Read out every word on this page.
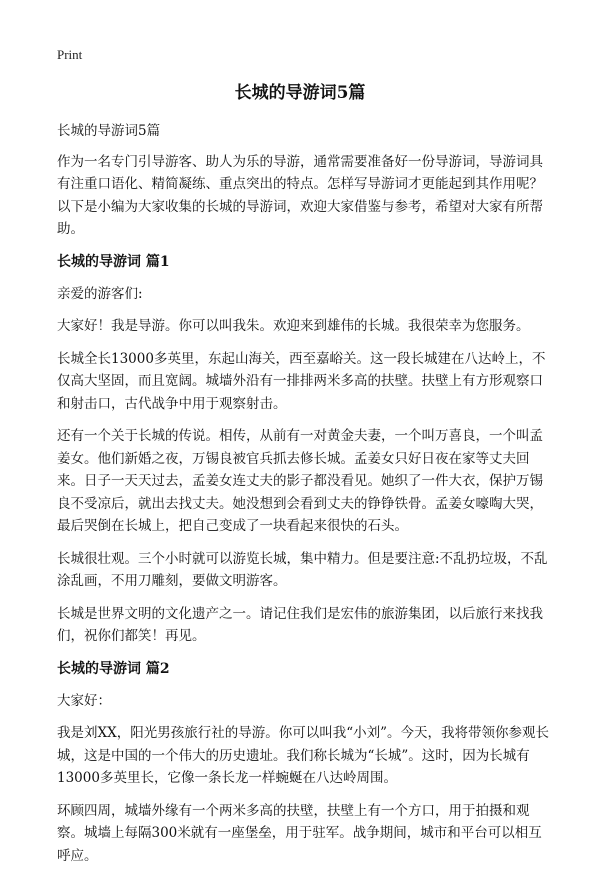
Print
长城的导游词5篇

长城的导游词5篇

作为一名专门引导游客、助人为乐的导游，通常需要准备好一份导游词，导游词具有注重口语化、精简凝练、重点突出的特点。怎样写导游词才更能起到其作用呢？以下是小编为大家收集的长城的导游词，欢迎大家借鉴与参考，希望对大家有所帮助。

长城的导游词 篇1

亲爱的游客们:

大家好！我是导游。你可以叫我朱。欢迎来到雄伟的长城。我很荣幸为您服务。

长城全长13000多英里，东起山海关，西至嘉峪关。这一段长城建在八达岭上，不仅高大坚固，而且宽阔。城墙外沿有一排排两米多高的扶壁。扶壁上有方形观察口和射击口，古代战争中用于观察射击。

还有一个关于长城的传说。相传，从前有一对黄金夫妻，一个叫万喜良，一个叫孟姜女。他们新婚之夜，万锡良被官兵抓去修长城。孟姜女只好日夜在家等丈夫回来。日子一天天过去，孟姜女连丈夫的影子都没看见。她织了一件大衣，保护万锡良不受凉后，就出去找丈夫。她没想到会看到丈夫的铮铮铁骨。孟姜女嚎啕大哭，最后哭倒在长城上，把自己变成了一块看起来很快的石头。

长城很壮观。三个小时就可以游览长城，集中精力。但是要注意:不乱扔垃圾，不乱涂乱画，不用刀雕刻，要做文明游客。

长城是世界文明的文化遗产之一。请记住我们是宏伟的旅游集团，以后旅行来找我们，祝你们都笑！再见。

长城的导游词 篇2

大家好：

我是刘XX，阳光男孩旅行社的导游。你可以叫我“小刘”。今天，我将带领你参观长城，这是中国的一个伟大的历史遗址。我们称长城为“长城”。这时，因为长城有13000多英里长，它像一条长龙一样蜿蜒在八达岭周围。

环顾四周，城墙外缘有一个两米多高的扶壁，扶壁上有一个方口，用于拍摄和观察。城墙上每隔300米就有一座堡垒，用于驻军。战争期间，城市和平台可以相互呼应。
